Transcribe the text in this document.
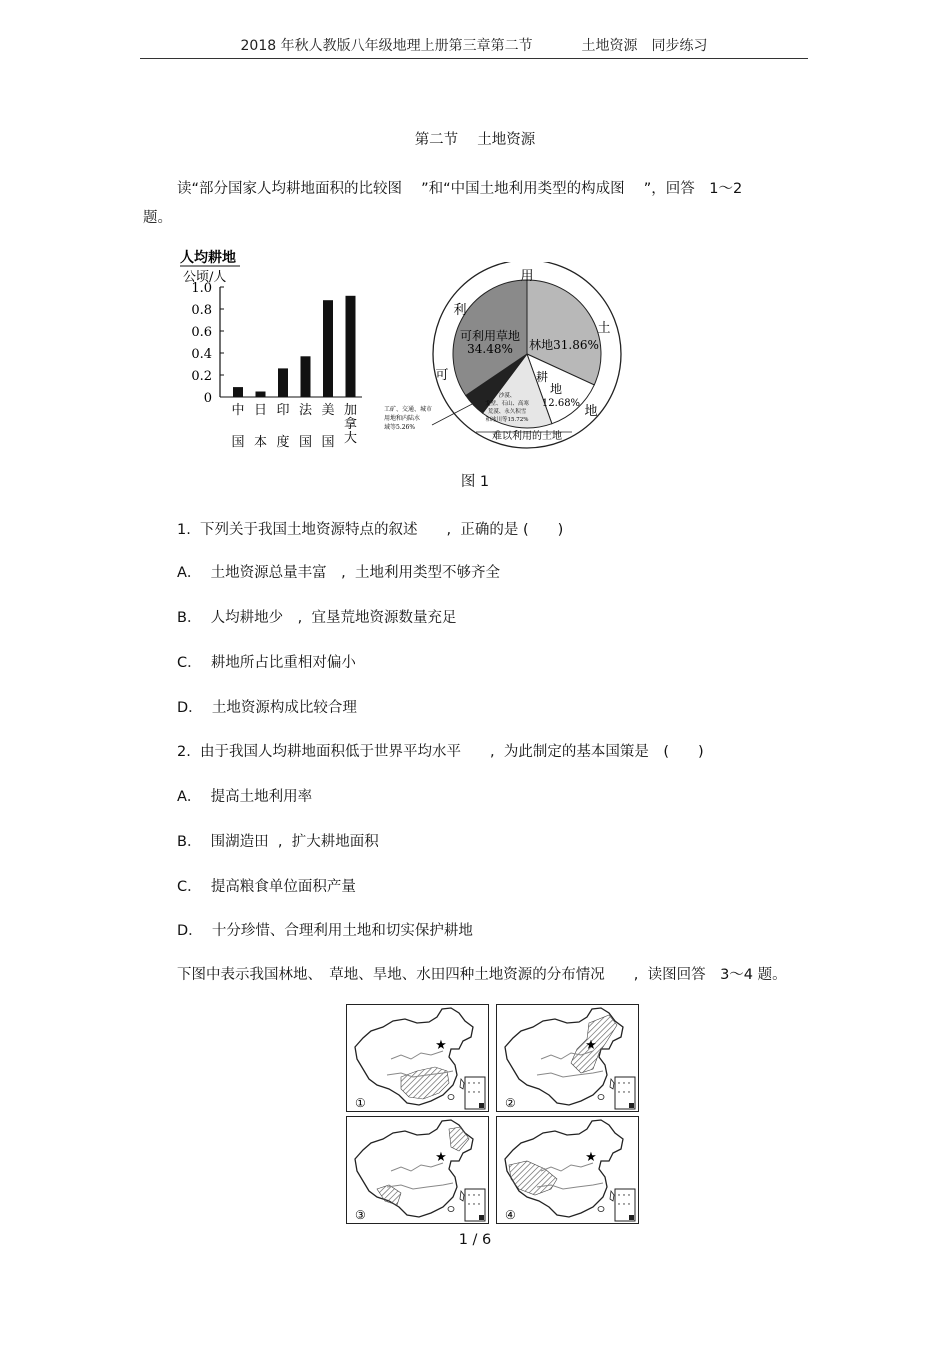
2018 年秋人教版八年级地理上册第三章第二节	土地资源　同步练习
第二节　 土地资源
读“部分国家人均耕地面积的比较图　 ”和“中国土地利用类型的构成图　 ”，回答　1～2
题。
人均耕地
公顷/人
1.0
0.8
0.6
0.4
0.2
0
中
国
日
本
印
度
法
国
美
国
加
拿
大
用
土
地
利
可
林地31.86%
可利用草地
34.48%
耕
地
12.68%
沙漠、
戈壁、石山、高寒
荒漠、永久积雪
和冰川等15.72%
难以利用的土地
工矿、交通、城市
用地和内陆水
域等5.26%
图 1
1.  下列关于我国土地资源特点的叙述　　,  正确的是 (　　)
A．  土地资源总量丰富　,  土地利用类型不够齐全
B．  人均耕地少　,  宜垦荒地资源数量充足
C．  耕地所占比重相对偏小
D．  土地资源构成比较合理
2.  由于我国人均耕地面积低于世界平均水平　　,  为此制定的基本国策是　(　　)
A．  提高土地利用率
B．  围湖造田  ,  扩大耕地面积
C．  提高粮食单位面积产量
D．  十分珍惜、合理利用土地和切实保护耕地
下图中表示我国林地、　草地、旱地、水田四种土地资源的分布情况　　,  读图回答　3～4 题。
★
①
★
②
★
③
★
④
1 / 6
